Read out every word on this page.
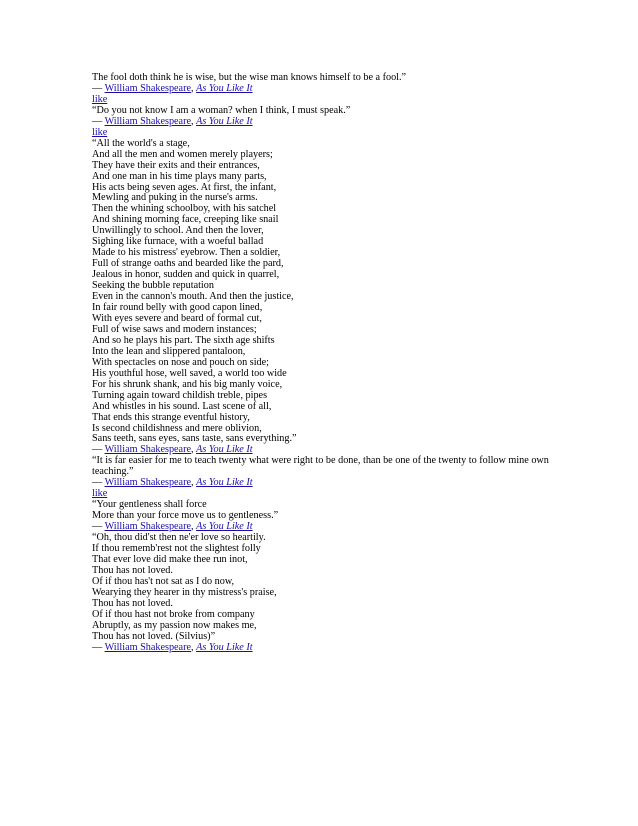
The fool doth think he is wise, but the wise man knows himself to be a fool.”
— William Shakespeare, As You Like It
like
“Do you not know I am a woman? when I think, I must speak.”
— William Shakespeare, As You Like It
like
“All the world's a stage,
And all the men and women merely players;
They have their exits and their entrances,
And one man in his time plays many parts,
His acts being seven ages. At first, the infant,
Mewling and puking in the nurse's arms.
Then the whining schoolboy, with his satchel
And shining morning face, creeping like snail
Unwillingly to school. And then the lover,
Sighing like furnace, with a woeful ballad
Made to his mistress' eyebrow. Then a soldier,
Full of strange oaths and bearded like the pard,
Jealous in honor, sudden and quick in quarrel,
Seeking the bubble reputation
Even in the cannon's mouth. And then the justice,
In fair round belly with good capon lined,
With eyes severe and beard of formal cut,
Full of wise saws and modern instances;
And so he plays his part. The sixth age shifts
Into the lean and slippered pantaloon,
With spectacles on nose and pouch on side;
His youthful hose, well saved, a world too wide
For his shrunk shank, and his big manly voice,
Turning again toward childish treble, pipes
And whistles in his sound. Last scene of all,
That ends this strange eventful history,
Is second childishness and mere oblivion,
Sans teeth, sans eyes, sans taste, sans everything.”
— William Shakespeare, As You Like It
“It is far easier for me to teach twenty what were right to be done, than be one of the twenty to follow mine own teaching.”
— William Shakespeare, As You Like It
like
“Your gentleness shall force
More than your force move us to gentleness.”
— William Shakespeare, As You Like It
“Oh, thou did'st then ne'er love so heartily.
If thou rememb'rest not the slightest folly
That ever love did make thee run inot,
Thou has not loved.
Of if thou has't not sat as I do now,
Wearying they hearer in thy mistress's praise,
Thou has not loved.
Of if thou hast not broke from company
Abruptly, as my passion now makes me,
Thou has not loved. (Silvius)”
— William Shakespeare, As You Like It
